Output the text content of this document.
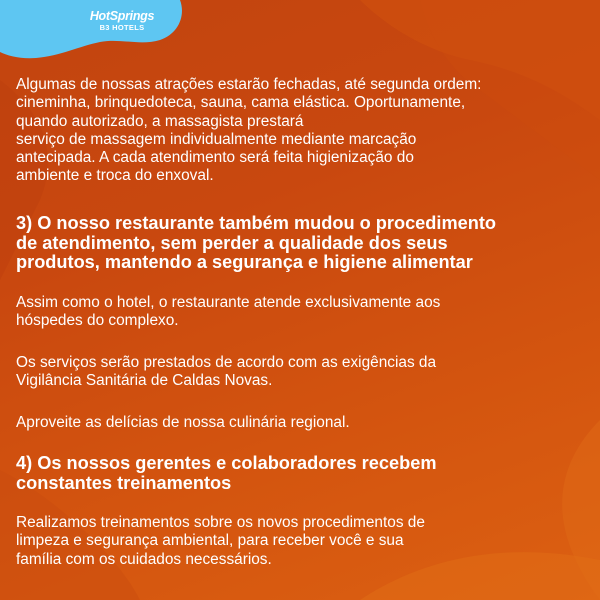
HotSprings
B3 HOTELS
Algumas de nossas atrações estarão fechadas, até segunda ordem:
cineminha, brinquedoteca, sauna, cama elástica. Oportunamente,
quando autorizado, a massagista prestará
serviço de massagem individualmente mediante marcação
antecipada. A cada atendimento será feita higienização do
ambiente e troca do enxoval.
3) O nosso restaurante também mudou o procedimento
de atendimento, sem perder a qualidade dos seus
produtos, mantendo a segurança e higiene alimentar
Assim como o hotel, o restaurante atende exclusivamente aos
hóspedes do complexo.
Os serviços serão prestados de acordo com as exigências da
Vigilância Sanitária de Caldas Novas.
Aproveite as delícias de nossa culinária regional.
4) Os nossos gerentes e colaboradores recebem
constantes treinamentos
Realizamos treinamentos sobre os novos procedimentos de
limpeza e segurança ambiental, para receber você e sua
família com os cuidados necessários.
